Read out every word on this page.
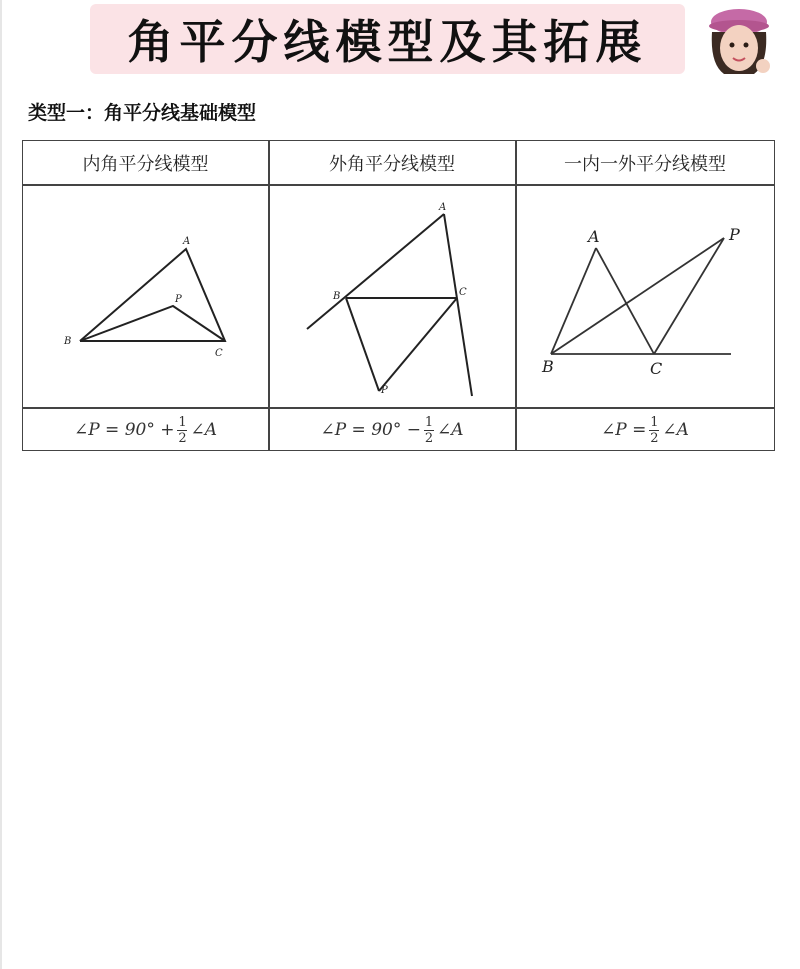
角平分线模型及其拓展
类型一：角平分线基础模型
内角平分线模型	外角平分线模型	一内一外平分线模型
A
B
C
P
A
B	C
P
A
B	C
P
∠P = $90^\circ + \frac{1}{2}$ ∠A	∠P = $90^\circ - \frac{1}{2}$ ∠A	∠P = $\frac{1}{2}$ ∠A
